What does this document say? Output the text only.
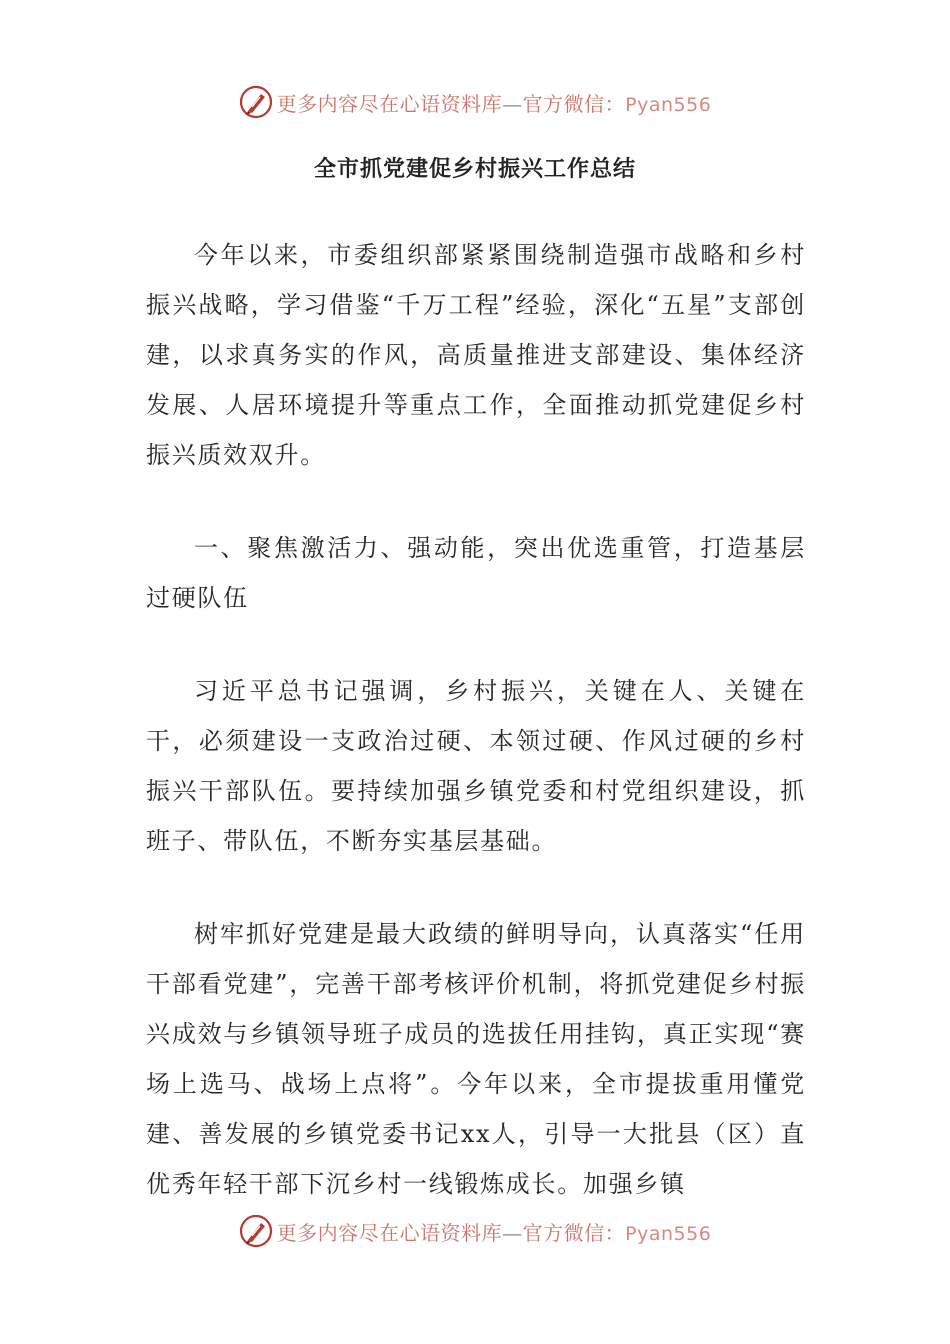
更多内容尽在心语资料库—官方微信：Pyan556
全市抓党建促乡村振兴工作总结

今年以来，市委组织部紧紧围绕制造强市战略和乡村振兴战略，学习借鉴“千万工程”经验，深化“五星”支部创建，以求真务实的作风，高质量推进支部建设、集体经济发展、人居环境提升等重点工作，全面推动抓党建促乡村振兴质效双升。

一、聚焦激活力、强动能，突出优选重管，打造基层过硬队伍

习近平总书记强调，乡村振兴，关键在人、关键在干，必须建设一支政治过硬、本领过硬、作风过硬的乡村振兴干部队伍。要持续加强乡镇党委和村党组织建设，抓班子、带队伍，不断夯实基层基础。

树牢抓好党建是最大政绩的鲜明导向，认真落实“任用干部看党建”，完善干部考核评价机制，将抓党建促乡村振兴成效与乡镇领导班子成员的选拔任用挂钩，真正实现“赛场上选马、战场上点将”。今年以来，全市提拔重用懂党建、善发展的乡镇党委书记xx人，引导一大批县（区）直优秀年轻干部下沉乡村一线锻炼成长。加强乡镇

更多内容尽在心语资料库—官方微信：Pyan556
